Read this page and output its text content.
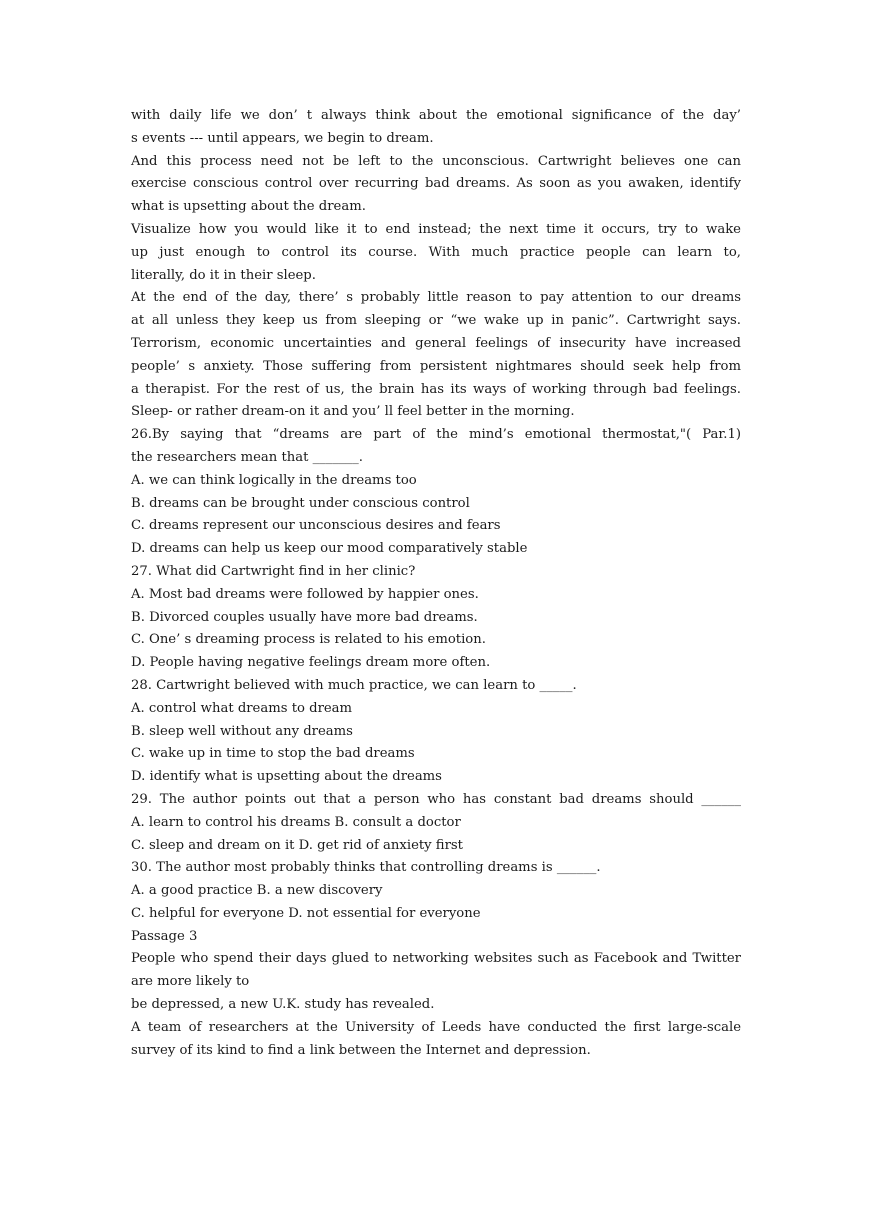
with daily life we don’ t always think about the emotional significance of the day’
s events --- until appears, we begin to dream.
And this process need not be left to the unconscious. Cartwright believes one can
exercise conscious control over recurring bad dreams. As soon as you awaken, identify
what is upsetting about the dream.
Visualize how you would like it to end instead; the next time it occurs, try to wake
up just enough to control its course. With much practice people can learn to,
literally, do it in their sleep.
At the end of the day, there’ s probably little reason to pay attention to our dreams
at all unless they keep us from sleeping or “we wake up in panic”. Cartwright says.
Terrorism, economic uncertainties and general feelings of insecurity have increased
people’ s anxiety. Those suffering from persistent nightmares should seek help from
a therapist. For the rest of us, the brain has its ways of working through bad feelings.
Sleep- or rather dream-on it and you’ ll feel better in the morning.
26.By saying that “dreams are part of the mind’s emotional thermostat,"( Par.1)
the researchers mean that _______.
A. we can think logically in the dreams too
B. dreams can be brought under conscious control
C. dreams represent our unconscious desires and fears
D. dreams can help us keep our mood comparatively stable
27. What did Cartwright find in her clinic?
A. Most bad dreams were followed by happier ones.
B. Divorced couples usually have more bad dreams.
C. One’ s dreaming process is related to his emotion.
D. People having negative feelings dream more often.
28. Cartwright believed with much practice, we can learn to _____.
A. control what dreams to dream
B. sleep well without any dreams
C. wake up in time to stop the bad dreams
D. identify what is upsetting about the dreams
29. The author points out that a person who has constant bad dreams should ______
A. learn to control his dreams B. consult a doctor
C. sleep and dream on it D. get rid of anxiety first
30. The author most probably thinks that controlling dreams is ______.
A. a good practice B. a new discovery
C. helpful for everyone D. not essential for everyone
Passage 3
People who spend their days glued to networking websites such as Facebook and Twitter
are more likely to
be depressed, a new U.K. study has revealed.
A team of researchers at the University of Leeds have conducted the first large-scale
survey of its kind to find a link between the Internet and depression.
